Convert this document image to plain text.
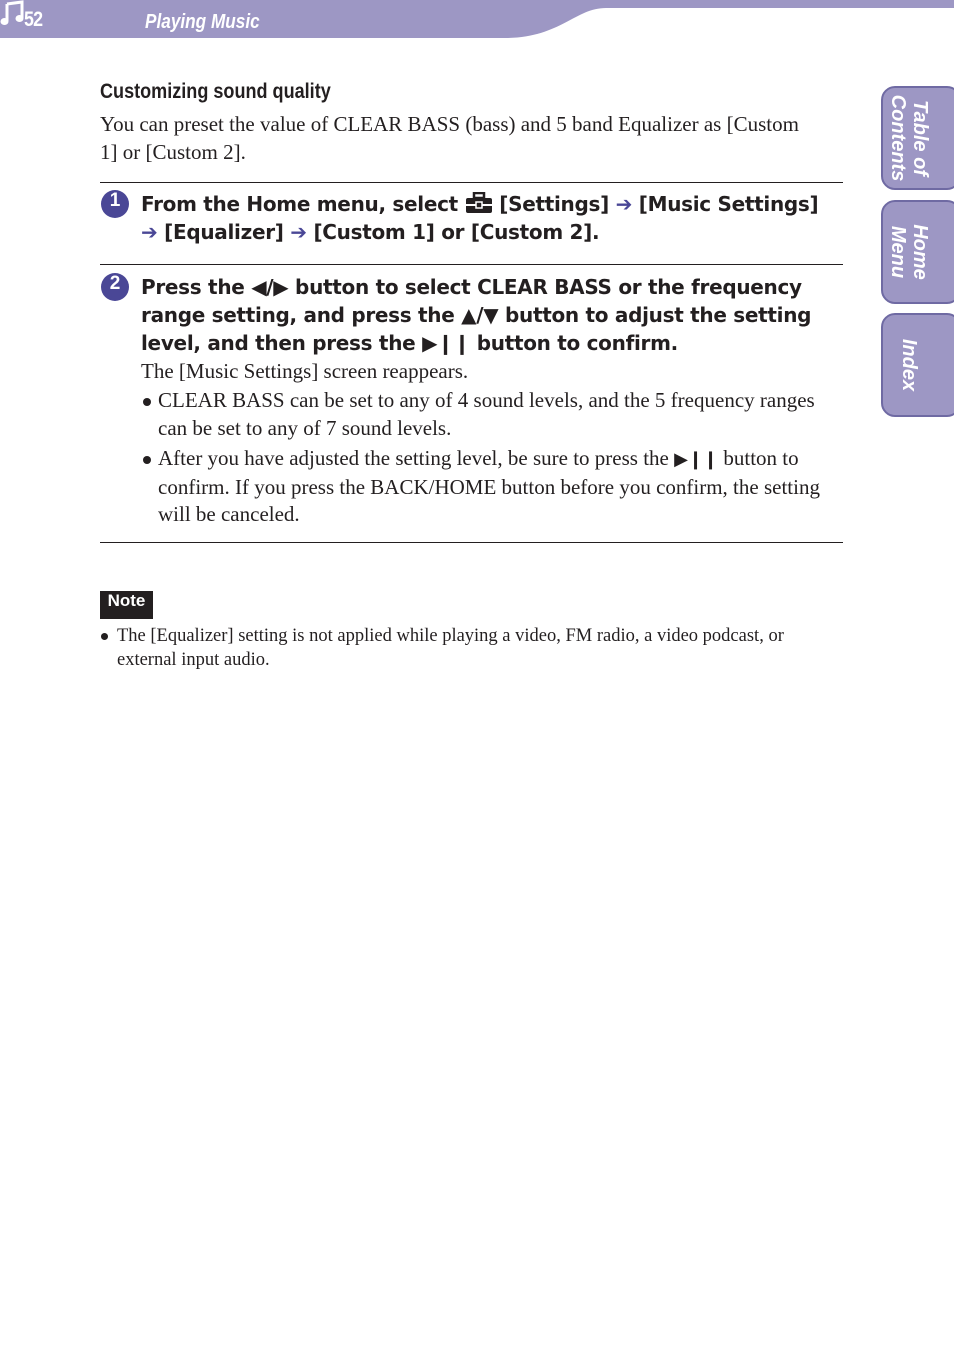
52	Playing Music
Table of
Contents
Home
Menu
Index
Customizing sound quality

You can preset the value of CLEAR BASS (bass) and 5 band Equalizer as [Custom 1] or [Custom 2].

1	From the Home menu, select [Settings] ➔ [Music Settings] ➔ [Equalizer] ➔ [Custom 1] or [Custom 2].
2	Press the ◀/▶ button to select CLEAR BASS or the frequency range setting, and press the ▲/▼ button to adjust the setting level, and then press the ▶❙❙ button to confirm.

The [Music Settings] screen reappears.

CLEAR BASS can be set to any of 4 sound levels, and the 5 frequency ranges can be set to any of 7 sound levels.
After you have adjusted the setting level, be sure to press the ▶❙❙ button to confirm. If you press the BACK/HOME button before you confirm, the setting will be canceled.
Note
The [Equalizer] setting is not applied while playing a video, FM radio, a video podcast, or external input audio.
